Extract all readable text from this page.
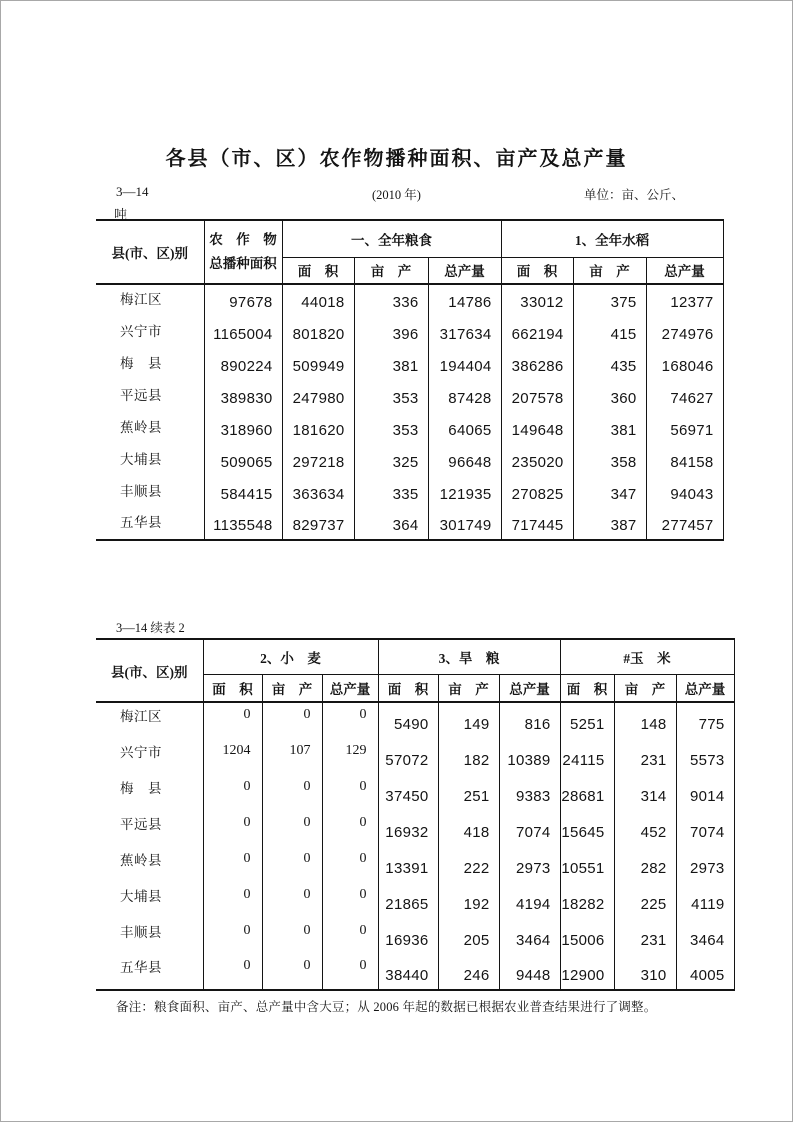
各县（市、区）农作物播种面积、亩产及总产量
3—14	(2010 年)	单位：亩、公斤、
吨
县(市、区)别	农　作　物
总播种面积	一、全年粮食			1、全年水稻		
		面　积	亩　产	总产量	面　积	亩　产	总产量
梅江区	97678	44018	336	14786	33012	375	12377
兴宁市	1165004	801820	396	317634	662194	415	274976
梅　县	890224	509949	381	194404	386286	435	168046
平远县	389830	247980	353	87428	207578	360	74627
蕉岭县	318960	181620	353	64065	149648	381	56971
大埔县	509065	297218	325	96648	235020	358	84158
丰顺县	584415	363634	335	121935	270825	347	94043
五华县	1135548	829737	364	301749	717445	387	277457
3—14 续表 2
县(市、区)别	2、小　麦			3、旱　粮			#玉　米		
	面　积	亩　产	总产量	面　积	亩　产	总产量	面　积	亩　产	总产量
梅江区	0	0	0	5490	149	816	5251	148	775
兴宁市	1204	107	129	57072	182	10389	24115	231	5573
梅　县	0	0	0	37450	251	9383	28681	314	9014
平远县	0	0	0	16932	418	7074	15645	452	7074
蕉岭县	0	0	0	13391	222	2973	10551	282	2973
大埔县	0	0	0	21865	192	4194	18282	225	4119
丰顺县	0	0	0	16936	205	3464	15006	231	3464
五华县	0	0	0	38440	246	9448	12900	310	4005
备注：粮食面积、亩产、总产量中含大豆；从 2006 年起的数据已根据农业普查结果进行了调整。
